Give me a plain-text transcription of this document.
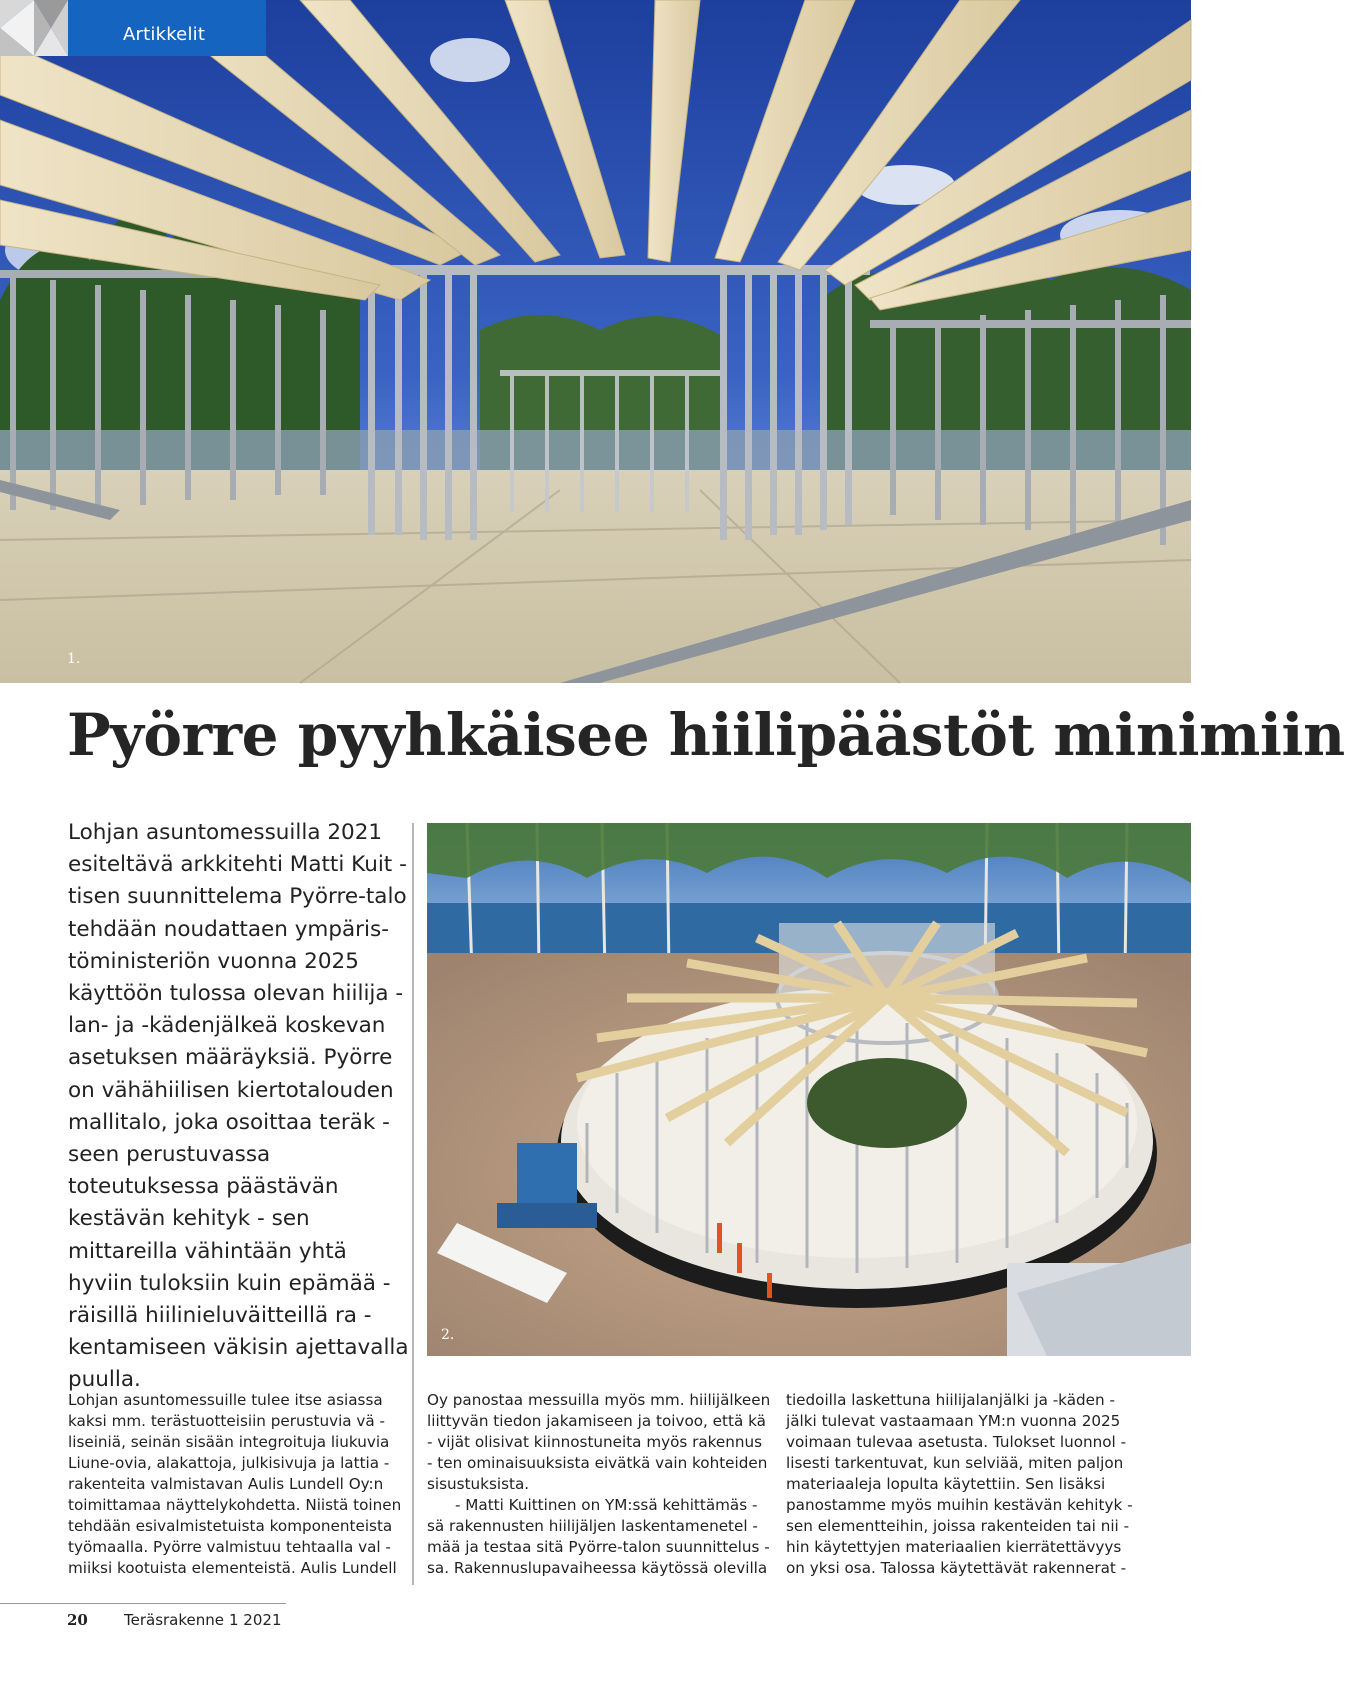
Artikkelit
1.
Pyörre pyyhkäisee hiilipäästöt minimiin
Lohjan asuntomessuilla 2021 esiteltävä arkkitehti Matti Kuit - tisen suunnittelema Pyörre-talo tehdään noudattaen ympäris- töministeriön vuonna 2025 käyttöön tulossa olevan hiilija - lan- ja -kädenjälkeä koskevan asetuksen määräyksiä. Pyörre on vähähiilisen kiertotalouden mallitalo, joka osoittaa teräk - seen perustuvassa toteutuksessa päästävän kestävän kehityk - sen mittareilla vähintään yhtä hyviin tuloksiin kuin epämää - räisillä hiilinieluväitteillä ra - kentamiseen väkisin ajettavalla puulla.
2.

Lohjan asuntomessuille tulee itse asiassa kaksi mm. terästuotteisiin perustuvia vä - liseiniä, seinän sisään integroituja liukuvia Liune-ovia, alakattoja, julkisivuja ja lattia - rakenteita valmistavan Aulis Lundell Oy:n toimittamaa näyttelykohdetta. Niistä toinen tehdään esivalmistetuista komponenteista työmaalla. Pyörre valmistuu tehtaalla val - miiksi kootuista elementeistä. Aulis Lundell

Oy panostaa messuilla myös mm. hiilijälkeen liittyvän tiedon jakamiseen ja toivoo, että kä - vijät olisivat kiinnostuneita myös rakennus - ten ominaisuuksista eivätkä vain kohteiden sisustuksista.

- Matti Kuittinen on YM:ssä kehittämäs - sä rakennusten hiilijäljen laskentamenetel - mää ja testaa sitä Pyörre-talon suunnittelus - sa. Rakennuslupavaiheessa käytössä olevilla

tiedoilla laskettuna hiilijalanjälki ja -käden - jälki tulevat vastaamaan YM:n vuonna 2025 voimaan tulevaa asetusta. Tulokset luonnol - lisesti tarkentuvat, kun selviää, miten paljon materiaaleja lopulta käytettiin. Sen lisäksi panostamme myös muihin kestävän kehityk - sen elementteihin, joissa rakenteiden tai nii - hin käytettyjen materiaalien kierrätettävyys on yksi osa. Talossa käytettävät rakennerat -

20 Teräsrakenne 1 2021
